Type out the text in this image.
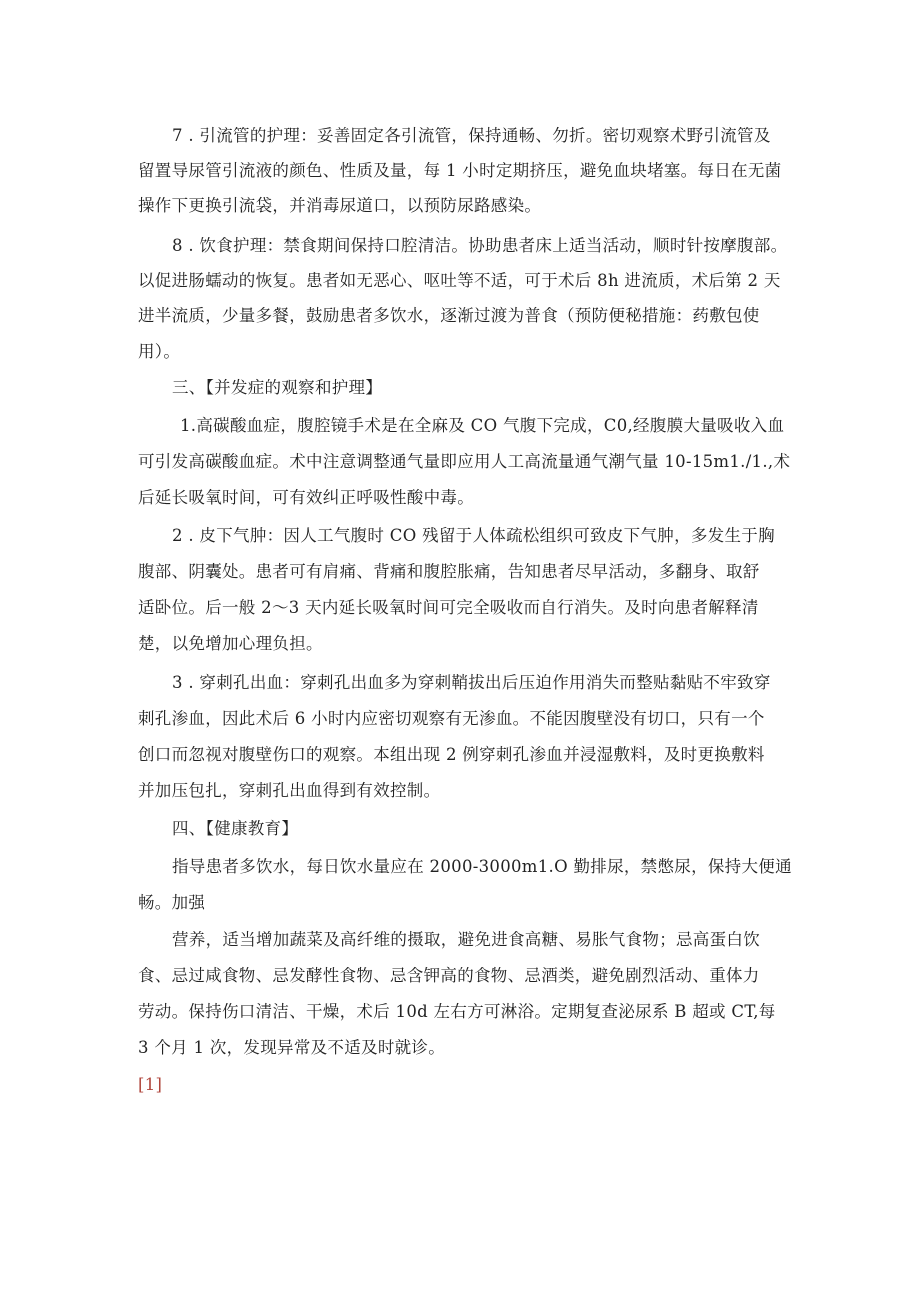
7 . 引流管的护理：妥善固定各引流管，保持通畅、勿折。密切观察术野引流管及
留置导尿管引流液的颜色、性质及量，每 1 小时定期挤压，避免血块堵塞。每日在无菌
操作下更换引流袋，并消毒尿道口，以预防尿路感染。
8 . 饮食护理：禁食期间保持口腔清洁。协助患者床上适当活动，顺时针按摩腹部。
以促进肠蠕动的恢复。患者如无恶心、呕吐等不适，可于术后 8h 进流质，术后第 2 天
进半流质，少量多餐，鼓励患者多饮水，逐渐过渡为普食（预防便秘措施：药敷包使
用）。
三、【并发症的观察和护理】
1.高碳酸血症，腹腔镜手术是在全麻及 CO 气腹下完成，C0,经腹膜大量吸收入血
可引发高碳酸血症。术中注意调整通气量即应用人工高流量通气潮气量 10-15m1./1.,术
后延长吸氧时间，可有效纠正呼吸性酸中毒。
2 . 皮下气肿：因人工气腹时 CO 残留于人体疏松组织可致皮下气肿，多发生于胸
腹部、阴囊处。患者可有肩痛、背痛和腹腔胀痛，告知患者尽早活动，多翻身、取舒
适卧位。后一般 2～3 天内延长吸氧时间可完全吸收而自行消失。及时向患者解释清
楚，以免增加心理负担。
3 . 穿刺孔出血：穿刺孔出血多为穿刺鞘拔出后压迫作用消失而整贴黏贴不牢致穿
刺孔渗血，因此术后 6 小时内应密切观察有无渗血。不能因腹壁没有切口，只有一个
创口而忽视对腹壁伤口的观察。本组出现 2 例穿刺孔渗血并浸湿敷料，及时更换敷料
并加压包扎，穿刺孔出血得到有效控制。
四、【健康教育】
指导患者多饮水，每日饮水量应在 2000-3000m1.O 勤排尿，禁憋尿，保持大便通
畅。加强
营养，适当增加蔬菜及高纤维的摄取，避免进食高糖、易胀气食物；忌高蛋白饮
食、忌过咸食物、忌发酵性食物、忌含钾高的食物、忌酒类，避免剧烈活动、重体力
劳动。保持伤口清洁、干燥，术后 10d 左右方可淋浴。定期复查泌尿系 B 超或 CT,每
3 个月 1 次，发现异常及不适及时就诊。
[1]
